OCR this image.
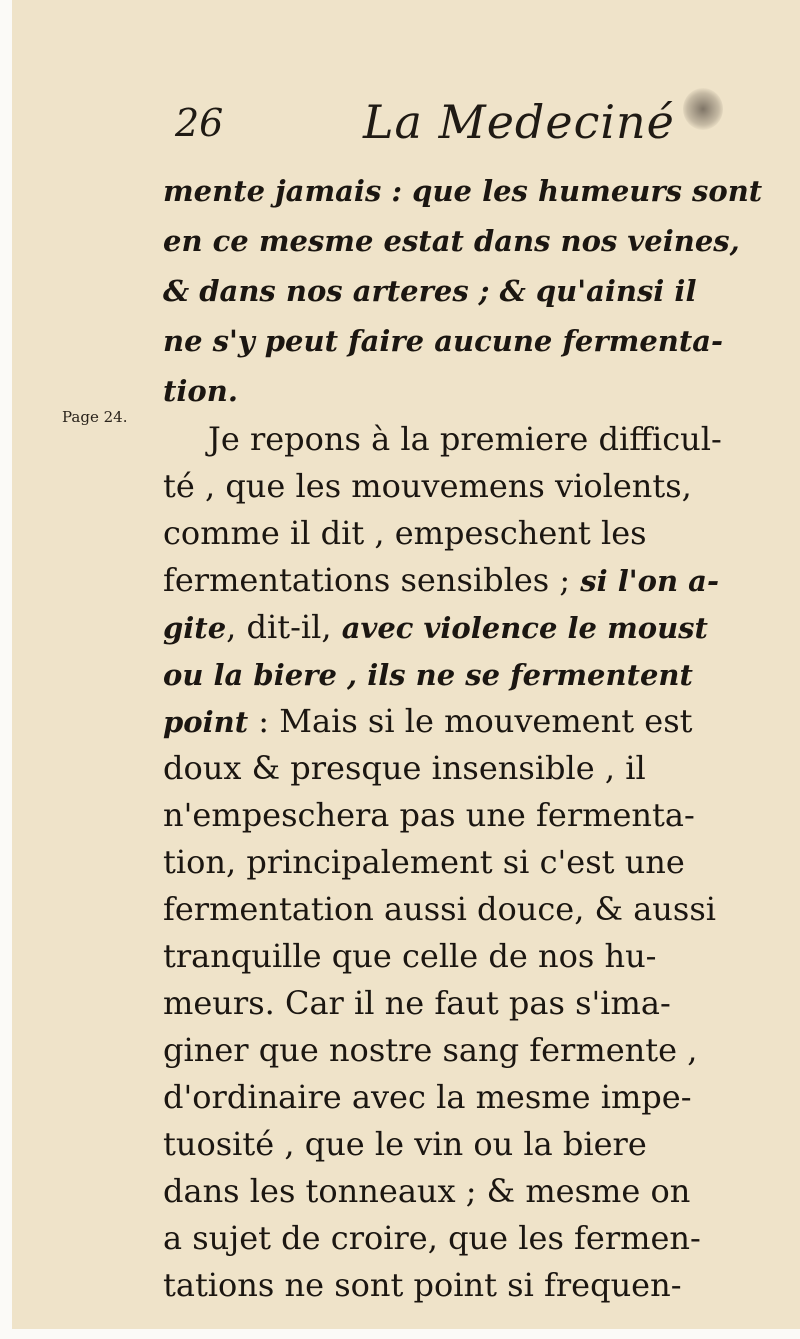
26	La Medeciné
Page 24.
mente jamais : que les humeurs sont
en ce mesme estat dans nos veines,
& dans nos arteres ; & qu'ainsi il
ne s'y peut faire aucune fermenta-
tion.
Je repons à la premiere difficul-
té , que les mouvemens violents,
comme il dit , empeschent les
fermentations sensibles ; si l'on a-
gite, dit-il, avec violence le moust
ou la biere , ils ne se fermentent
point : Mais si le mouvement est
doux & presque insensible , il
n'empeschera pas une fermenta-
tion, principalement si c'est une
fermentation aussi douce, & aussi
tranquille que celle de nos hu-
meurs. Car il ne faut pas s'ima-
giner que nostre sang fermente ,
d'ordinaire avec la mesme impe-
tuosité , que le vin ou la biere
dans les tonneaux ; & mesme on
a sujet de croire, que les fermen-
tations ne sont point si frequen-
